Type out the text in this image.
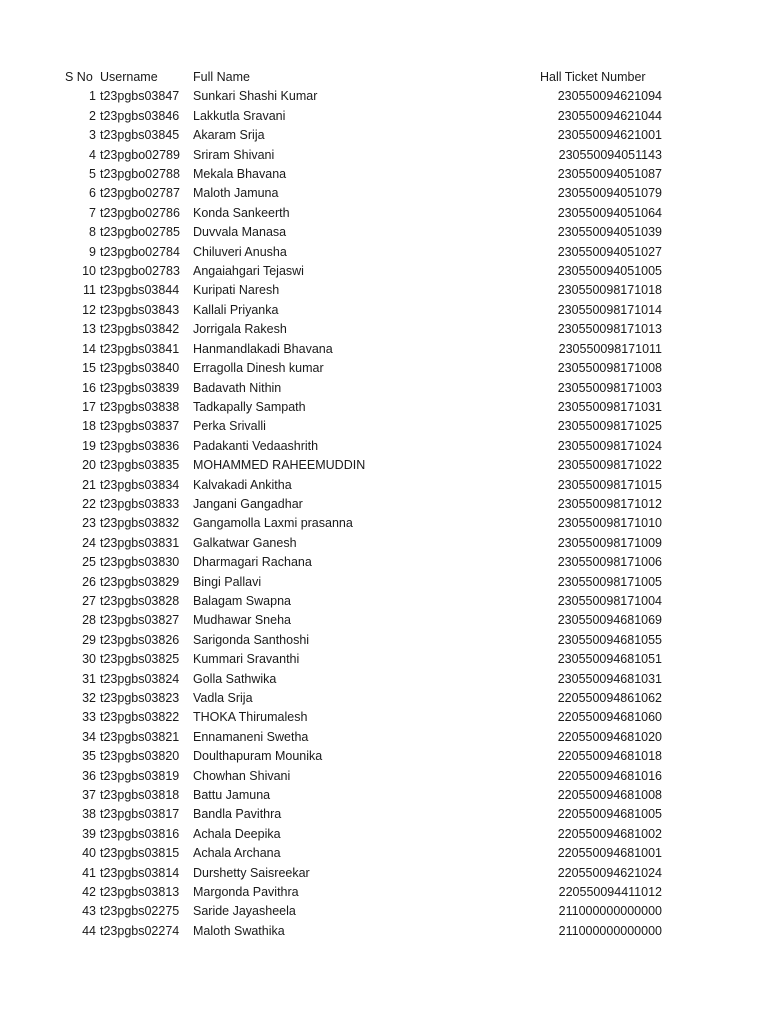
S No Username	Full Name	Hall Ticket Number
1 t23pgbs03847	Sunkari Shashi Kumar	230550094621094
2 t23pgbs03846	Lakkutla Sravani	230550094621044
3 t23pgbs03845	Akaram Srija	230550094621001
4 t23pgbo02789	Sriram Shivani	230550094051143
5 t23pgbo02788	Mekala Bhavana	230550094051087
6 t23pgbo02787	Maloth Jamuna	230550094051079
7 t23pgbo02786	Konda Sankeerth	230550094051064
8 t23pgbo02785	Duvvala Manasa	230550094051039
9 t23pgbo02784	Chiluveri Anusha	230550094051027
10 t23pgbo02783	Angaiahgari Tejaswi	230550094051005
11 t23pgbs03844	Kuripati Naresh	230550098171018
12 t23pgbs03843	Kallali Priyanka	230550098171014
13 t23pgbs03842	Jorrigala Rakesh	230550098171013
14 t23pgbs03841	Hanmandlakadi Bhavana	230550098171011
15 t23pgbs03840	Erragolla Dinesh kumar	230550098171008
16 t23pgbs03839	Badavath Nithin	230550098171003
17 t23pgbs03838	Tadkapally Sampath	230550098171031
18 t23pgbs03837	Perka Srivalli	230550098171025
19 t23pgbs03836	Padakanti Vedaashrith	230550098171024
20 t23pgbs03835	MOHAMMED RAHEEMUDDIN	230550098171022
21 t23pgbs03834	Kalvakadi Ankitha	230550098171015
22 t23pgbs03833	Jangani Gangadhar	230550098171012
23 t23pgbs03832	Gangamolla Laxmi prasanna	230550098171010
24 t23pgbs03831	Galkatwar Ganesh	230550098171009
25 t23pgbs03830	Dharmagari Rachana	230550098171006
26 t23pgbs03829	Bingi Pallavi	230550098171005
27 t23pgbs03828	Balagam Swapna	230550098171004
28 t23pgbs03827	Mudhawar Sneha	230550094681069
29 t23pgbs03826	Sarigonda Santhoshi	230550094681055
30 t23pgbs03825	Kummari Sravanthi	230550094681051
31 t23pgbs03824	Golla Sathwika	230550094681031
32 t23pgbs03823	Vadla Srija	220550094861062
33 t23pgbs03822	THOKA Thirumalesh	220550094681060
34 t23pgbs03821	Ennamaneni Swetha	220550094681020
35 t23pgbs03820	Doulthapuram Mounika	220550094681018
36 t23pgbs03819	Chowhan Shivani	220550094681016
37 t23pgbs03818	Battu Jamuna	220550094681008
38 t23pgbs03817	Bandla Pavithra	220550094681005
39 t23pgbs03816	Achala Deepika	220550094681002
40 t23pgbs03815	Achala Archana	220550094681001
41 t23pgbs03814	Durshetty Saisreekar	220550094621024
42 t23pgbs03813	Margonda Pavithra	220550094411012
43 t23pgbs02275	Saride Jayasheela	211000000000000
44 t23pgbs02274	Maloth Swathika	211000000000000
